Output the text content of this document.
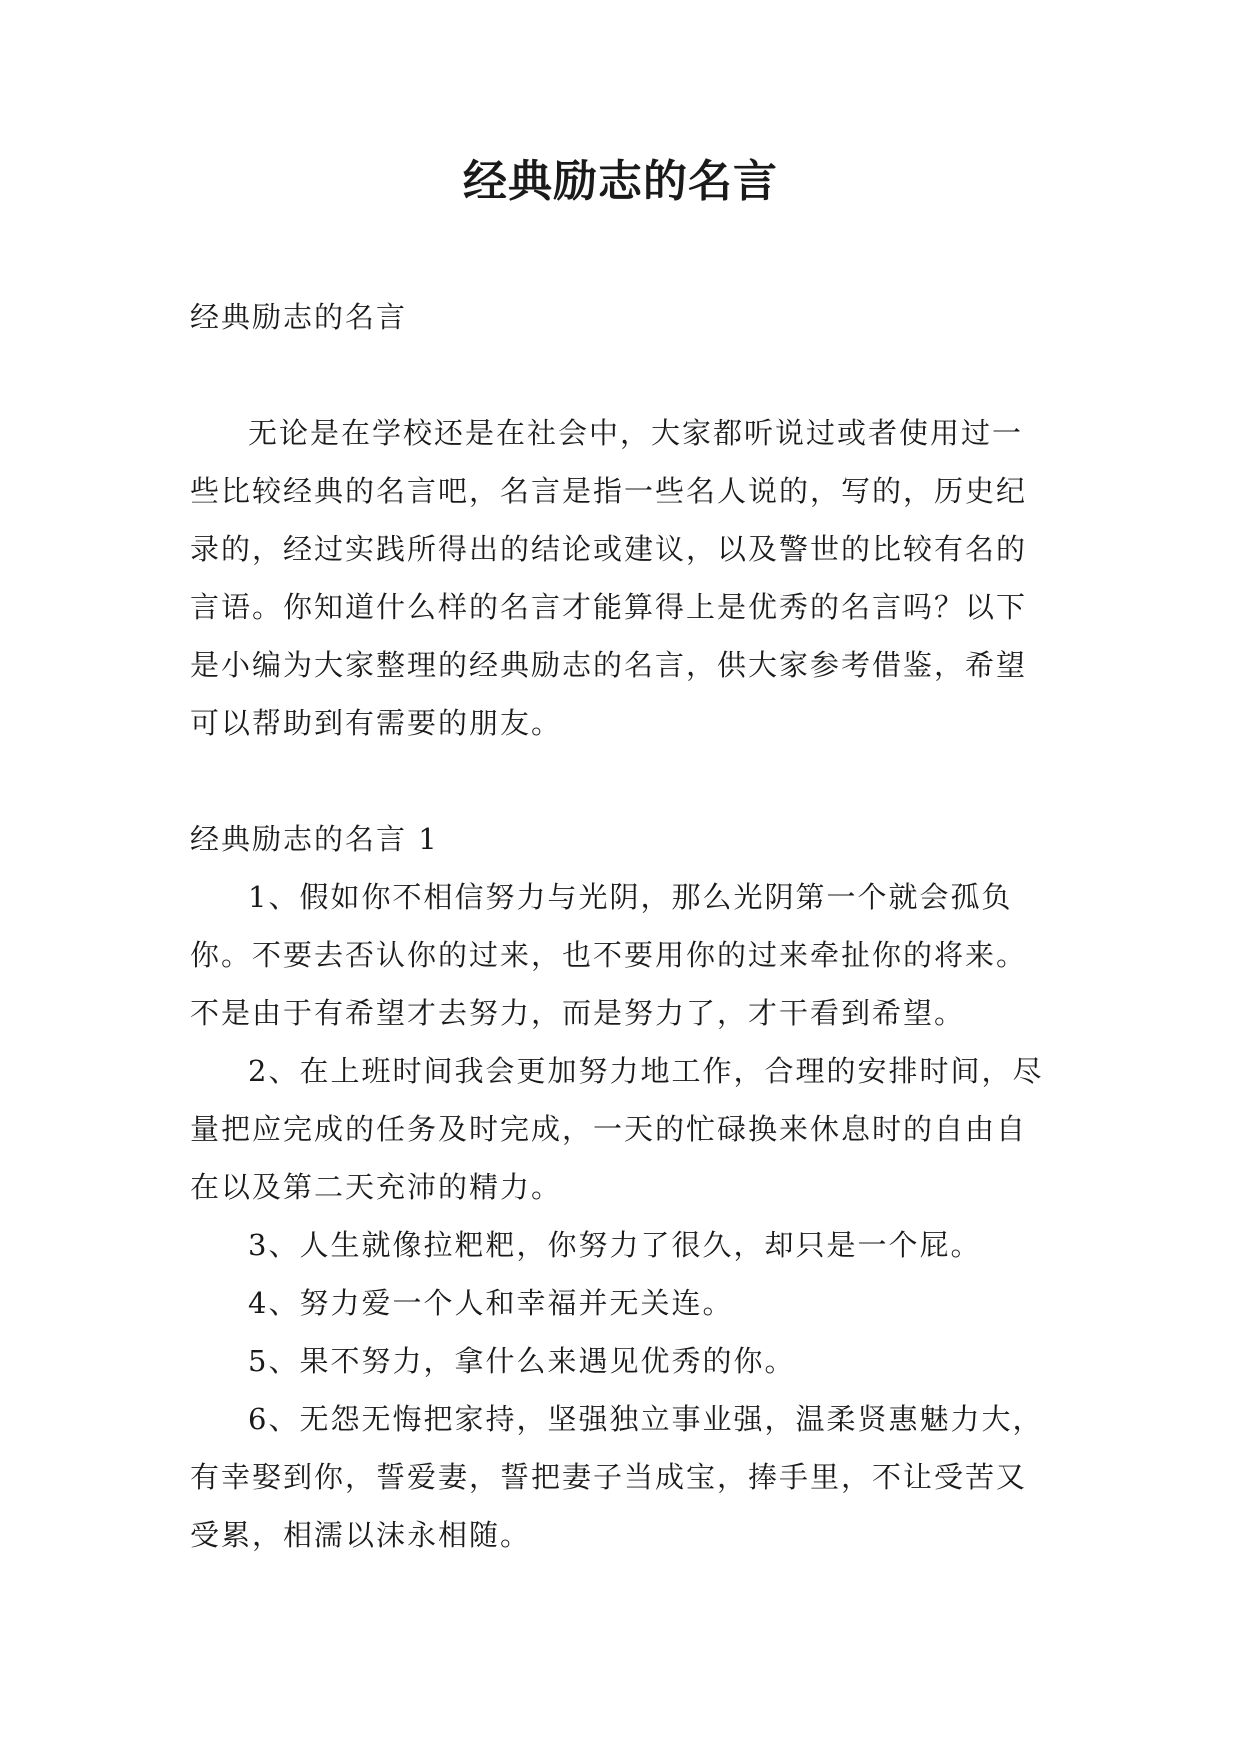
经典励志的名言

经典励志的名言

无论是在学校还是在社会中，大家都听说过或者使用过一些比较经典的名言吧，名言是指一些名人说的，写的，历史纪录的，经过实践所得出的结论或建议，以及警世的比较有名的言语。你知道什么样的名言才能算得上是优秀的名言吗？以下是小编为大家整理的经典励志的名言，供大家参考借鉴，希望可以帮助到有需要的朋友。

经典励志的名言 1

1、假如你不相信努力与光阴，那么光阴第一个就会孤负你。不要去否认你的过来，也不要用你的过来牵扯你的将来。不是由于有希望才去努力，而是努力了，才干看到希望。

2、在上班时间我会更加努力地工作，合理的安排时间，尽量把应完成的任务及时完成，一天的忙碌换来休息时的自由自在以及第二天充沛的精力。

3、人生就像拉粑粑，你努力了很久，却只是一个屁。

4、努力爱一个人和幸福并无关连。

5、果不努力，拿什么来遇见优秀的你。

6、无怨无悔把家持，坚强独立事业强，温柔贤惠魅力大，有幸娶到你，誓爱妻，誓把妻子当成宝，捧手里，不让受苦又受累，相濡以沫永相随。
